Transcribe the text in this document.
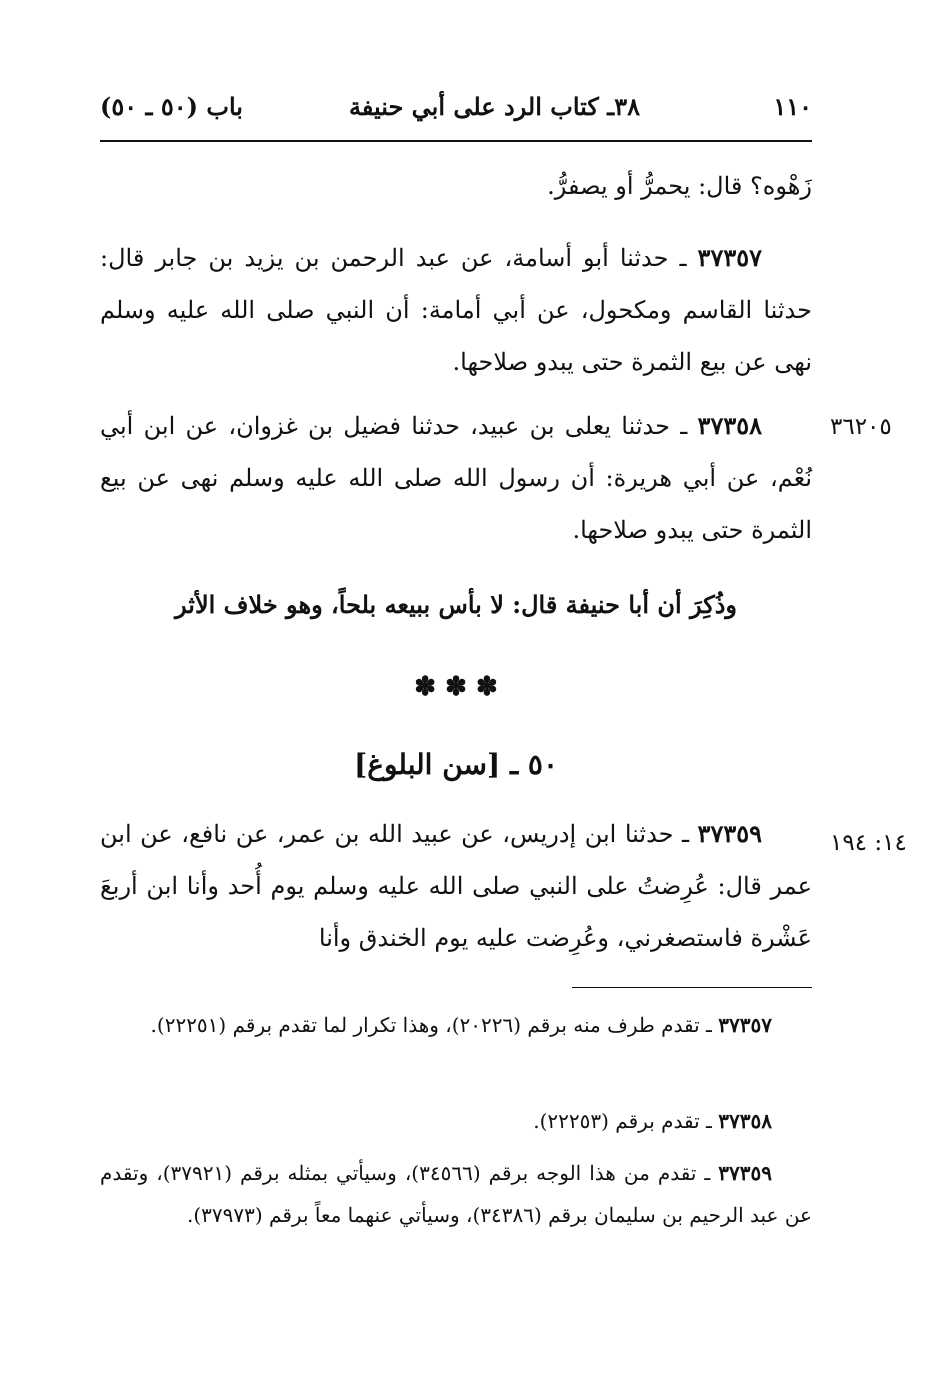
١١٠
٣٨ـ كتاب الرد على أبي حنيفة
باب (٥٠ ـ ٥٠)
زَهْوه؟ قال: يحمرُّ أو يصفرُّ.
٣٧٣٥٧ ـ حدثنا أبو أسامة، عن عبد الرحمن بن يزيد بن جابر قال: حدثنا القاسم ومكحول، عن أبي أمامة: أن النبي صلى الله عليه وسلم نهى عن بيع الثمرة حتى يبدو صلاحها.
٣٦٢٠٥
٣٧٣٥٨ ـ حدثنا يعلى بن عبيد، حدثنا فضيل بن غزوان، عن ابن أبي نُعْم، عن أبي هريرة: أن رسول الله صلى الله عليه وسلم نهى عن بيع الثمرة حتى يبدو صلاحها.
وذُكِرَ أن أبا حنيفة قال: لا بأس ببيعه بلحاً، وهو خلاف الأثر
✽ ✽ ✽
٥٠ ـ [سن البلوغ]
١٤: ١٩٤
٣٧٣٥٩ ـ حدثنا ابن إدريس، عن عبيد الله بن عمر، عن نافع، عن ابن عمر قال: عُرِضتُ على النبي صلى الله عليه وسلم يوم أُحد وأنا ابن أربعَ عَشْرة فاستصغرني، وعُرِضت عليه يوم الخندق وأنا
٣٧٣٥٧ ـ تقدم طرف منه برقم (٢٠٢٢٦)، وهذا تكرار لما تقدم برقم (٢٢٢٥١).
٣٧٣٥٨ ـ تقدم برقم (٢٢٢٥٣).
٣٧٣٥٩ ـ تقدم من هذا الوجه برقم (٣٤٥٦٦)، وسيأتي بمثله برقم (٣٧٩٢١)، وتقدم عن عبد الرحيم بن سليمان برقم (٣٤٣٨٦)، وسيأتي عنهما معاً برقم (٣٧٩٧٣).
